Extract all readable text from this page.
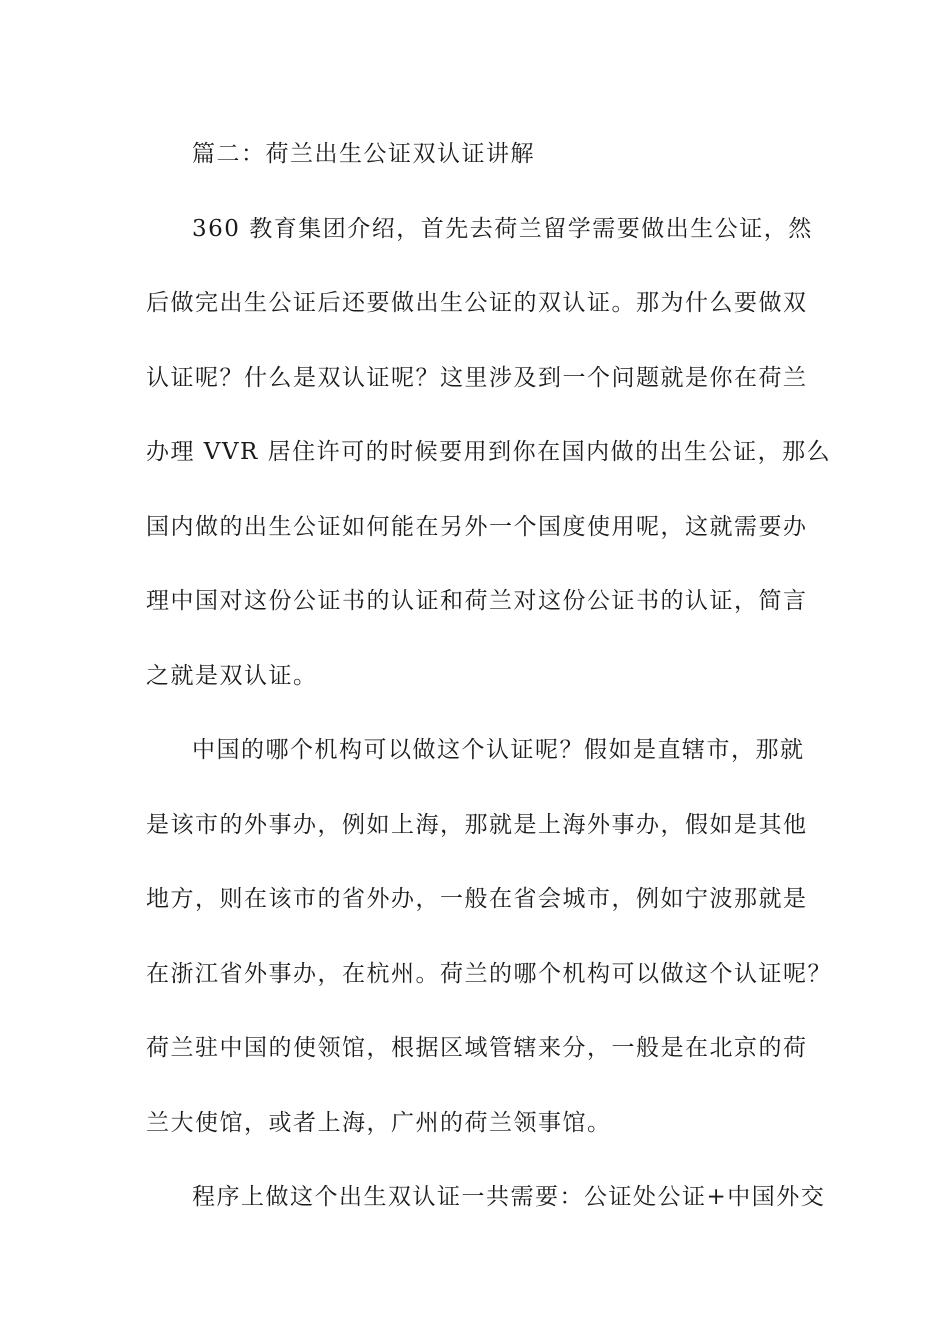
篇二：荷兰出生公证双认证讲解
360 教育集团介绍，首先去荷兰留学需要做出生公证，然
后做完出生公证后还要做出生公证的双认证。那为什么要做双
认证呢？什么是双认证呢？这里涉及到一个问题就是你在荷兰
办理 VVR 居住许可的时候要用到你在国内做的出生公证，那么
国内做的出生公证如何能在另外一个国度使用呢，这就需要办
理中国对这份公证书的认证和荷兰对这份公证书的认证，简言
之就是双认证。
中国的哪个机构可以做这个认证呢？假如是直辖市，那就
是该市的外事办，例如上海，那就是上海外事办，假如是其他
地方，则在该市的省外办，一般在省会城市，例如宁波那就是
在浙江省外事办，在杭州。荷兰的哪个机构可以做这个认证呢？
荷兰驻中国的使领馆，根据区域管辖来分，一般是在北京的荷
兰大使馆，或者上海，广州的荷兰领事馆。
程序上做这个出生双认证一共需要：公证处公证+中国外交
